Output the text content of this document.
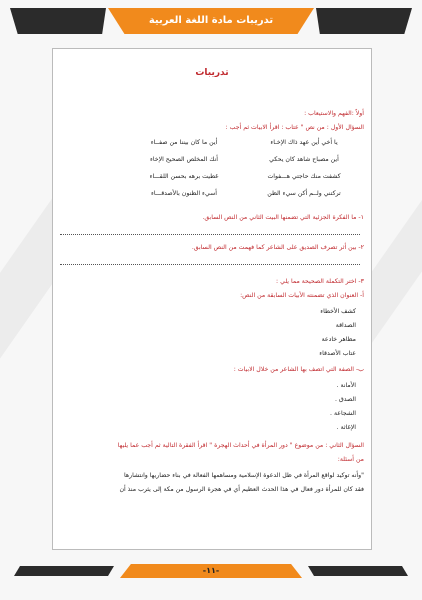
تدريبات مادة اللغة العربية
تدريبات
أولاً :الفهم والاستيعاب :
السؤال الأول : من نص " عتاب : اقرأ الابيات ثم أجب :
يا أخي أين عهد ذاك الإخـاء
أين ما كان بيننا من صفــاء
أين مصباح شاهد كان يحكي
أنك المخلص الصحيح الإخاء
كشفت منك حاجتي هـــفوات
غطيت برهه بحسن اللقـــاء
تركتني ولــم أكن سيء الظن
أسيء الظنون بالأصدقـــاء
١- ما الفكرة الجزئية التي تضمنها البيت الثاني من النص السابق.
٢- بين أثر تصرف الصديق على الشاعر كما فهمت من النص السابق.
٣- اختر التكملة الصحيحة مما يلي :
أ- العنوان الذي تضمنته الأبيات السابقة من النص:
كشف الأخطاء
الصداقة
مظاهر خادعة
عتاب الأصدقاء
ب- الصفة التي اتصف بها الشاعر من خلال الابيات :
الأمانة .
الصدق .
الشجاعة .
الإغاثة .
السؤال الثاني : من موضوع " دور المرأة في أحداث الهجرة " اقرأ الفقرة التالية ثم أجب عما يليها
من أسئلة:
"وأنه توكيد لواقع المرأة في ظل الدعوة الإسلامية ومساهمها الفعالة في بناء حضاريها وانتشارها
فقد كان للمرأة دور فعال في هذا الحدث العظيم أي في هجرة الرسول من مكة إلى يثرب منذ أن
-١١-
